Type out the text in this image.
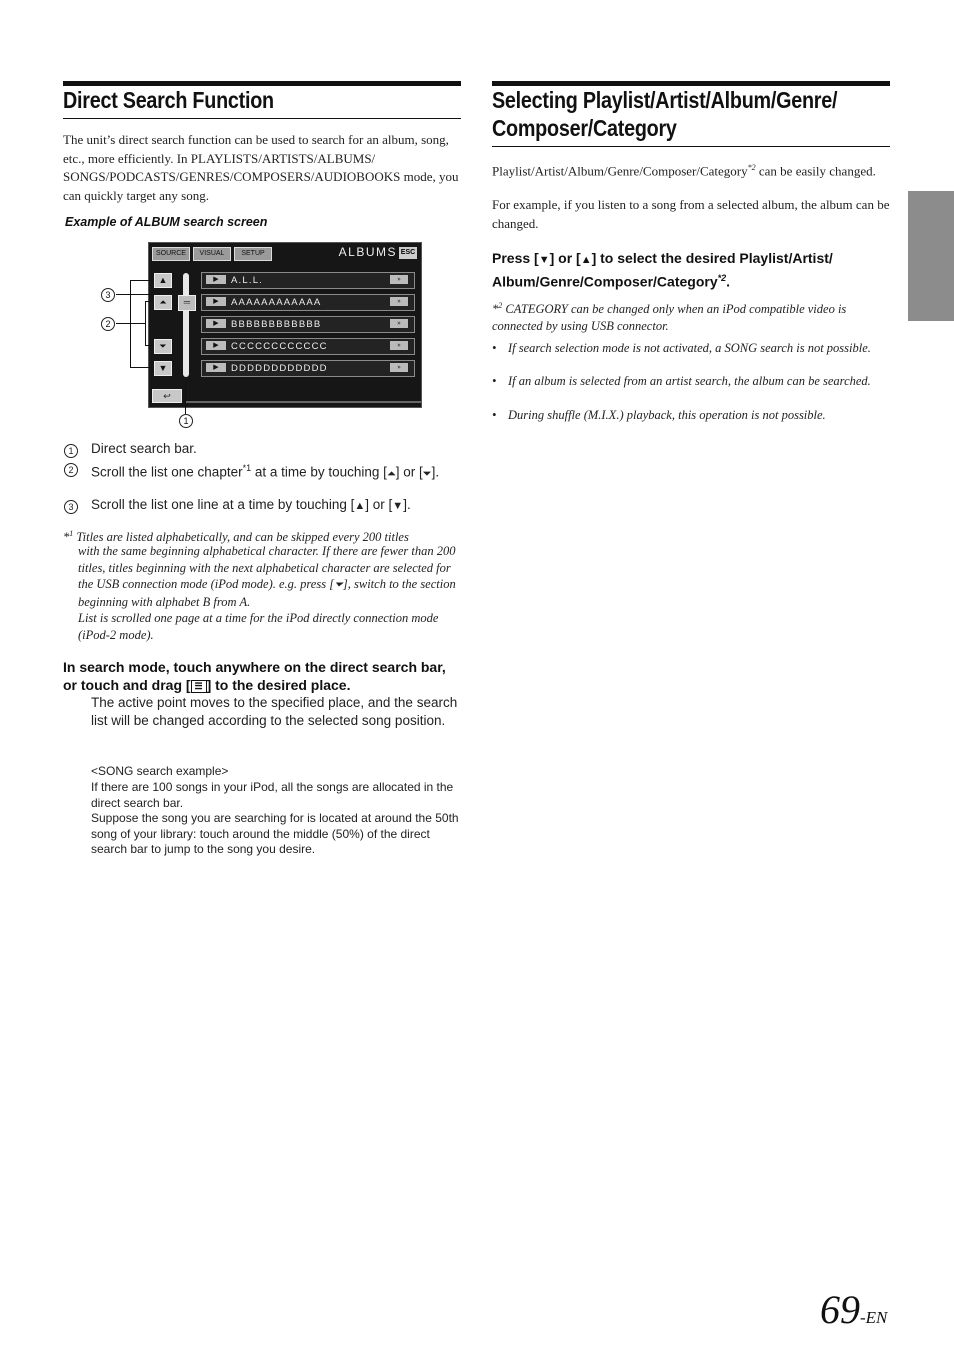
Direct Search Function
The unit’s direct search function can be used to search for an album, song, etc., more efficiently. In PLAYLISTS/ARTISTS/ALBUMS/ SONGS/PODCASTS/GENRES/COMPOSERS/AUDIOBOOKS mode, you can quickly target any song.
Example of ALBUM search screen
SOURCE	VISUAL	SETUP	ALBUMS ESC
▲
⏶
⏷
▼
═
▶	A.L.L.	»
▶	AAAAAAAAAAAA	»
▶	BBBBBBBBBBBB	»
▶	CCCCCCCCCCCC	»
▶	DDDDDDDDDDDD	»
↩
3
2
1
1	Direct search bar.
2	Scroll the list one chapter$^{*1}$ at a time by touching [⏶] or [⏷].
3	Scroll the list one line at a time by touching [▲] or [▼].
*$^1$ Titles are listed alphabetically, and can be skipped every 200 titles
with the same beginning alphabetical character. If there are fewer than 200 titles, titles beginning with the next alphabetical character are selected for the USB connection mode (iPod mode). e.g. press [⏷], switch to the section beginning with alphabet B from A.
List is scrolled one page at a time for the iPod directly connection mode (iPod-2 mode).
In search mode, touch anywhere on the direct search bar, or touch and drag [ ☰ ] to the desired place.
The active point moves to the specified place, and the search list will be changed according to the selected song position.
<SONG search example>
If there are 100 songs in your iPod, all the songs are allocated in the direct search bar.
Suppose the song you are searching for is located at around the 50th song of your library: touch around the middle (50%) of the direct search bar to jump to the song you desire.
Selecting Playlist/Artist/Album/Genre/
Composer/Category
Playlist/Artist/Album/Genre/Composer/Category$^{*2}$ can be easily changed.
For example, if you listen to a song from a selected album, the album can be changed.
Press [▼] or [▲] to select the desired Playlist/Artist/ Album/Genre/Composer/Category$^{*2}$.
*$^2$ CATEGORY can be changed only when an iPod compatible video is connected by using USB connector.
• If search selection mode is not activated, a SONG search is not possible.
• If an album is selected from an artist search, the album can be searched.
• During shuffle (M.I.X.) playback, this operation is not possible.
69-EN
